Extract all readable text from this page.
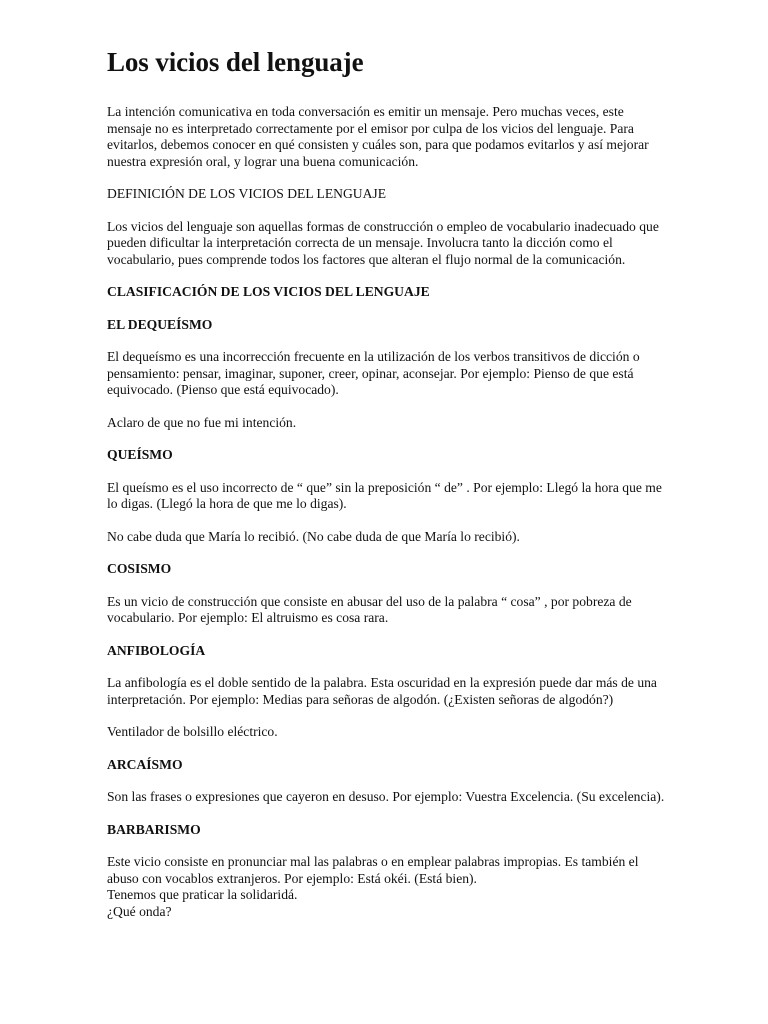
Los vicios del lenguaje

La intención comunicativa en toda conversación es emitir un mensaje. Pero muchas veces, este mensaje no es interpretado correctamente por el emisor por culpa de los vicios del lenguaje. Para evitarlos, debemos conocer en qué consisten y cuáles son, para que podamos evitarlos y así mejorar nuestra expresión oral, y lograr una buena comunicación.

DEFINICIÓN DE LOS VICIOS DEL LENGUAJE

Los vicios del lenguaje son aquellas formas de construcción o empleo de vocabulario inadecuado que pueden dificultar la interpretación correcta de un mensaje. Involucra tanto la dicción como el vocabulario, pues comprende todos los factores que alteran el flujo normal de la comunicación.

CLASIFICACIÓN DE LOS VICIOS DEL LENGUAJE
EL DEQUEÍSMO

El dequeísmo es una incorrección frecuente en la utilización de los verbos transitivos de dicción o pensamiento: pensar, imaginar, suponer, creer, opinar, aconsejar. Por ejemplo: Pienso de que está equivocado. (Pienso que está equivocado).

Aclaro de que no fue mi intención.

QUEÍSMO

El queísmo es el uso incorrecto de “ que” sin la preposición “ de” . Por ejemplo: Llegó la hora que me lo digas. (Llegó la hora de que me lo digas).

No cabe duda que María lo recibió. (No cabe duda de que María lo recibió).

COSISMO

Es un vicio de construcción que consiste en abusar del uso de la palabra “ cosa” , por pobreza de vocabulario. Por ejemplo: El altruismo es cosa rara.

ANFIBOLOGÍA

La anfibología es el doble sentido de la palabra. Esta oscuridad en la expresión puede dar más de una interpretación. Por ejemplo: Medias para señoras de algodón. (¿Existen señoras de algodón?)

Ventilador de bolsillo eléctrico.

ARCAÍSMO

Son las frases o expresiones que cayeron en desuso. Por ejemplo: Vuestra Excelencia. (Su excelencia).

BARBARISMO

Este vicio consiste en pronunciar mal las palabras o en emplear palabras impropias. Es también el abuso con vocablos extranjeros. Por ejemplo: Está okéi. (Está bien).
Tenemos que praticar la solidaridá.
¿Qué onda?
